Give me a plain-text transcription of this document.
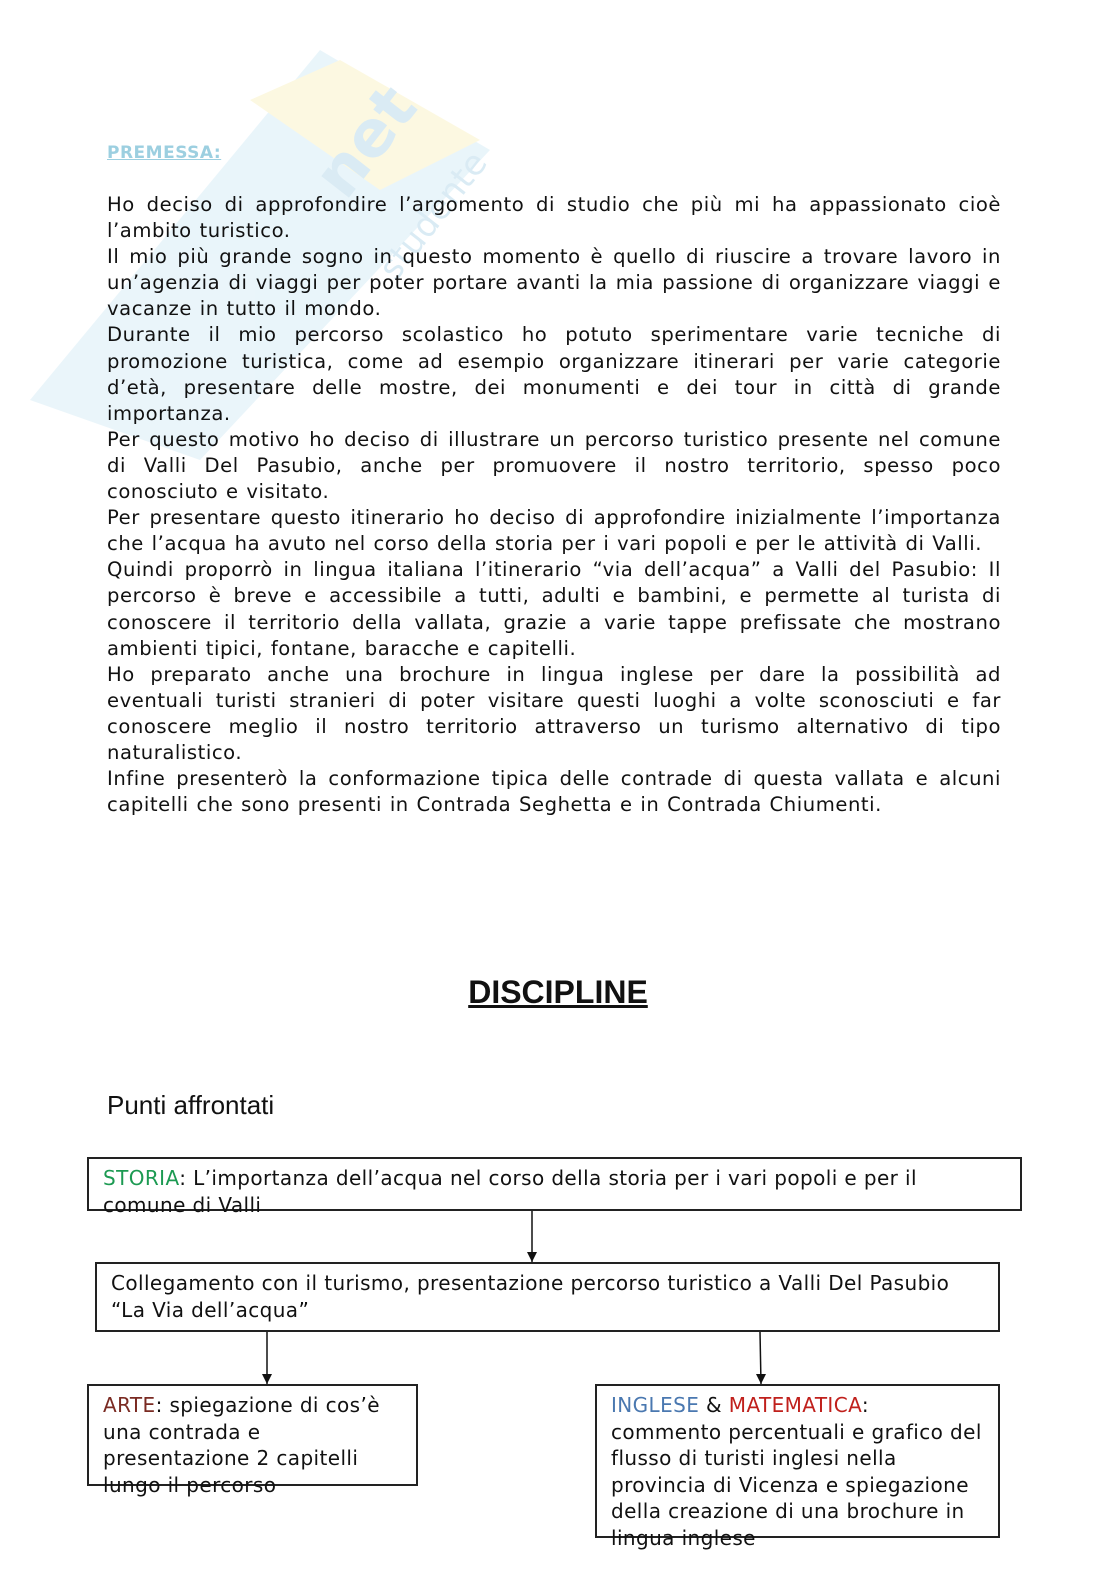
net
studente
PREMESSA:

Ho deciso di approfondire l’argomento di studio che più mi ha appassionato cioè l’ambito turistico.

Il mio più grande sogno in questo momento è quello di riuscire a trovare lavoro in un’agenzia di viaggi per poter portare avanti la mia passione di organizzare viaggi e vacanze in tutto il mondo.

Durante il mio percorso scolastico ho potuto sperimentare varie tecniche di promozione turistica, come ad esempio organizzare itinerari per varie categorie d’età, presentare delle mostre, dei monumenti e dei tour in città di grande importanza.

Per questo motivo ho deciso di illustrare un percorso turistico presente nel comune di Valli Del Pasubio, anche per promuovere il nostro territorio, spesso poco conosciuto e visitato.

Per presentare questo itinerario ho deciso di approfondire inizialmente l’importanza che l’acqua ha avuto nel corso della storia per i vari popoli e per le attività di Valli.

Quindi proporrò in lingua italiana l’itinerario “via dell’acqua” a Valli del Pasubio: Il percorso è breve e accessibile a tutti, adulti e bambini, e permette al turista di conoscere il territorio della vallata, grazie a varie tappe prefissate che mostrano ambienti tipici, fontane, baracche e capitelli.

Ho preparato anche una brochure in lingua inglese per dare la possibilità ad eventuali turisti stranieri di poter visitare questi luoghi a volte sconosciuti e far conoscere meglio il nostro territorio attraverso un turismo alternativo di tipo naturalistico.

Infine presenterò la conformazione tipica delle contrade di questa vallata e alcuni capitelli che sono presenti in Contrada Seghetta e in Contrada Chiumenti.

DISCIPLINE
Punti affrontati
STORIA: L’importanza dell’acqua nel corso della storia per i vari popoli e per il comune di Valli
Collegamento con il turismo, presentazione percorso turistico a Valli Del Pasubio “La Via dell’acqua”
ARTE: spiegazione di cos’è una contrada e presentazione 2 capitelli lungo il percorso
INGLESE & MATEMATICA: commento percentuali e grafico del flusso di turisti inglesi nella provincia di Vicenza e spiegazione della creazione di una brochure in lingua inglese
